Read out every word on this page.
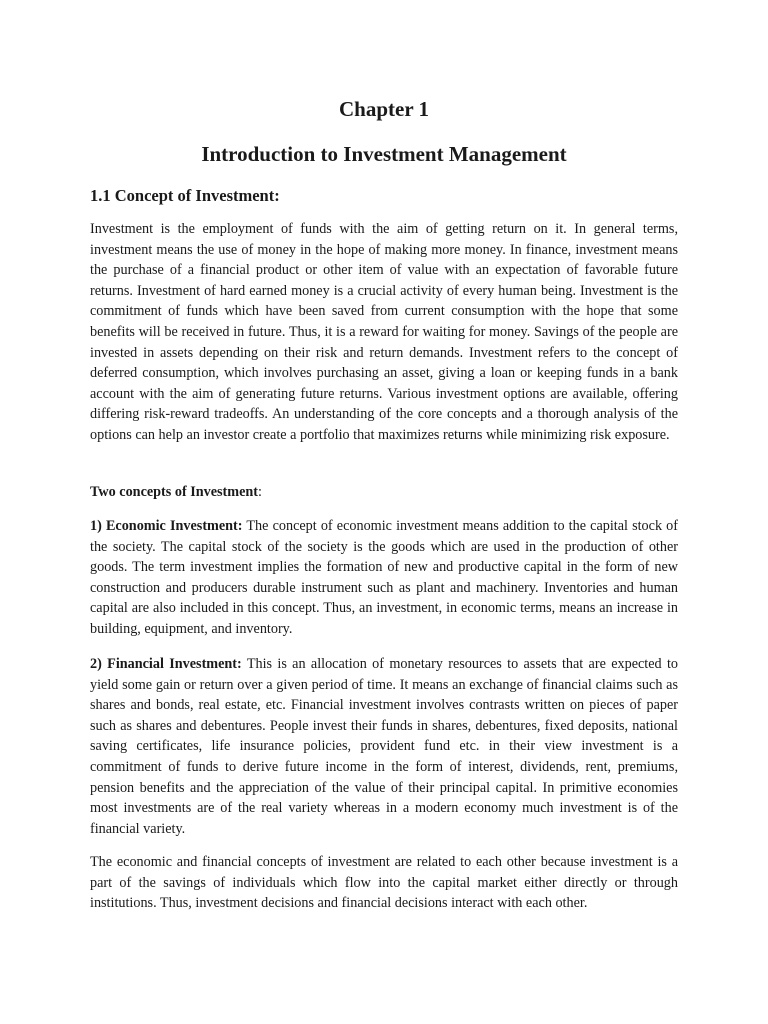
Chapter 1
Introduction to Investment Management
1.1 Concept of Investment:

Investment is the employment of funds with the aim of getting return on it. In general terms, investment means the use of money in the hope of making more money. In finance, investment means the purchase of a financial product or other item of value with an expectation of favorable future returns. Investment of hard earned money is a crucial activity of every human being. Investment is the commitment of funds which have been saved from current consumption with the hope that some benefits will be received in future. Thus, it is a reward for waiting for money. Savings of the people are invested in assets depending on their risk and return demands. Investment refers to the concept of deferred consumption, which involves purchasing an asset, giving a loan or keeping funds in a bank account with the aim of generating future returns. Various investment options are available, offering differing risk-reward tradeoffs. An understanding of the core concepts and a thorough analysis of the options can help an investor create a portfolio that maximizes returns while minimizing risk exposure.

Two concepts of Investment:

1) Economic Investment: The concept of economic investment means addition to the capital stock of the society. The capital stock of the society is the goods which are used in the production of other goods. The term investment implies the formation of new and productive capital in the form of new construction and producers durable instrument such as plant and machinery. Inventories and human capital are also included in this concept. Thus, an investment, in economic terms, means an increase in building, equipment, and inventory.

2) Financial Investment: This is an allocation of monetary resources to assets that are expected to yield some gain or return over a given period of time. It means an exchange of financial claims such as shares and bonds, real estate, etc. Financial investment involves contrasts written on pieces of paper such as shares and debentures. People invest their funds in shares, debentures, fixed deposits, national saving certificates, life insurance policies, provident fund etc. in their view investment is a commitment of funds to derive future income in the form of interest, dividends, rent, premiums, pension benefits and the appreciation of the value of their principal capital. In primitive economies most investments are of the real variety whereas in a modern economy much investment is of the financial variety.

The economic and financial concepts of investment are related to each other because investment is a part of the savings of individuals which flow into the capital market either directly or through institutions. Thus, investment decisions and financial decisions interact with each other.
